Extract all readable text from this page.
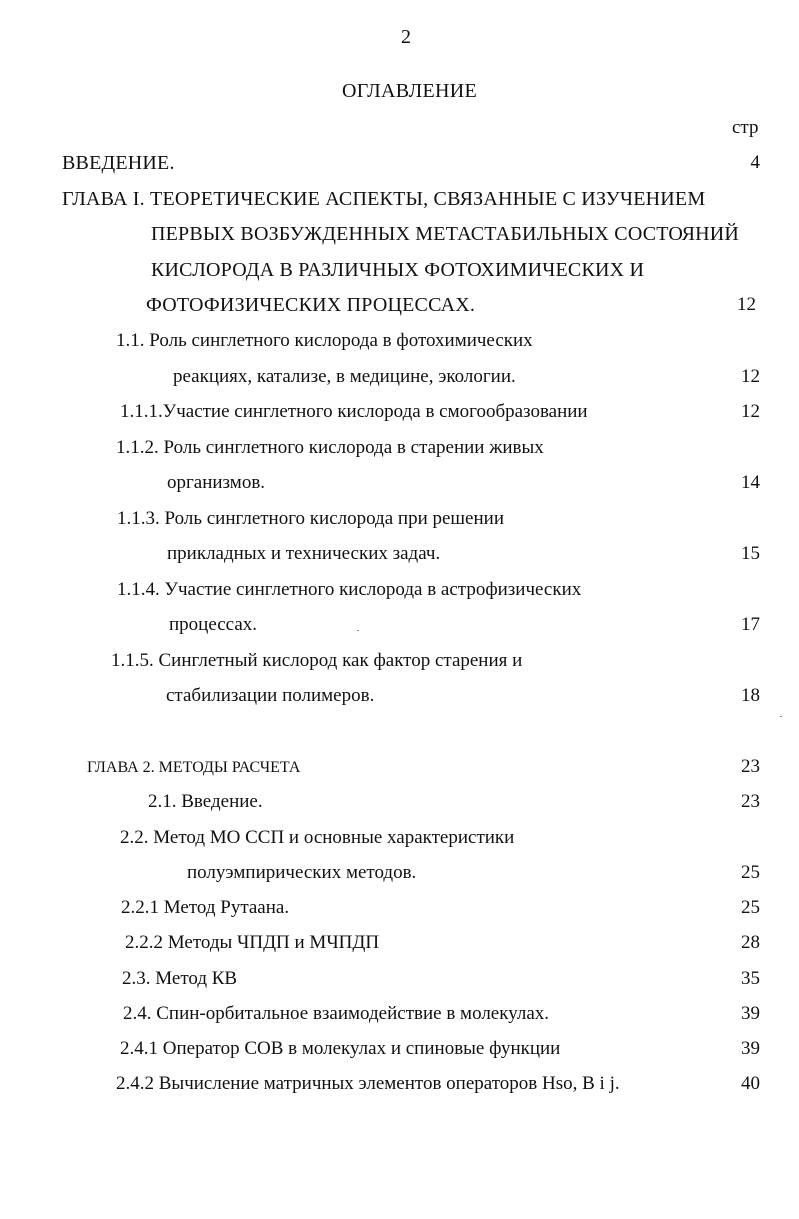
2
ОГЛАВЛЕНИЕ
стр
ВВЕДЕНИЕ.	4
ГЛАВА I. ТЕОРЕТИЧЕСКИЕ АСПЕКТЫ, СВЯЗАННЫЕ С ИЗУЧЕНИЕМ
ПЕРВЫХ ВОЗБУЖДЕННЫХ МЕТАСТАБИЛЬНЫХ СОСТОЯНИЙ
КИСЛОРОДА В РАЗЛИЧНЫХ ФОТОХИМИЧЕСКИХ И
ФОТОФИЗИЧЕСКИХ ПРОЦЕССАХ.	12
1.1. Роль синглетного кислорода в фотохимических
реакциях, катализе, в медицине, экологии.	12
1.1.1.Участие синглетного кислорода в смогообразовании	12
1.1.2. Роль синглетного кислорода в старении живых
организмов.	14
1.1.3. Роль синглетного кислорода при решении
прикладных и технических задач.	15
1.1.4. Участие синглетного кислорода в астрофизических
процессах.	17
1.1.5. Синглетный кислород как фактор старения и
стабилизации полимеров.	18
ГЛАВА 2. МЕТОДЫ РАСЧЕТА	23
2.1. Введение.	23
2.2. Метод МО ССП и основные характеристики
полуэмпирических методов.	25
2.2.1 Метод Рутаана.	25
2.2.2 Методы ЧПДП и МЧПДП	28
2.3. Метод КВ	35
2.4. Спин-орбитальное взаимодействие в молекулах.	39
2.4.1 Оператор СОВ в молекулах и спиновые функции	39
2.4.2 Вычисление матричных элементов операторов Hso, B i j.	40
